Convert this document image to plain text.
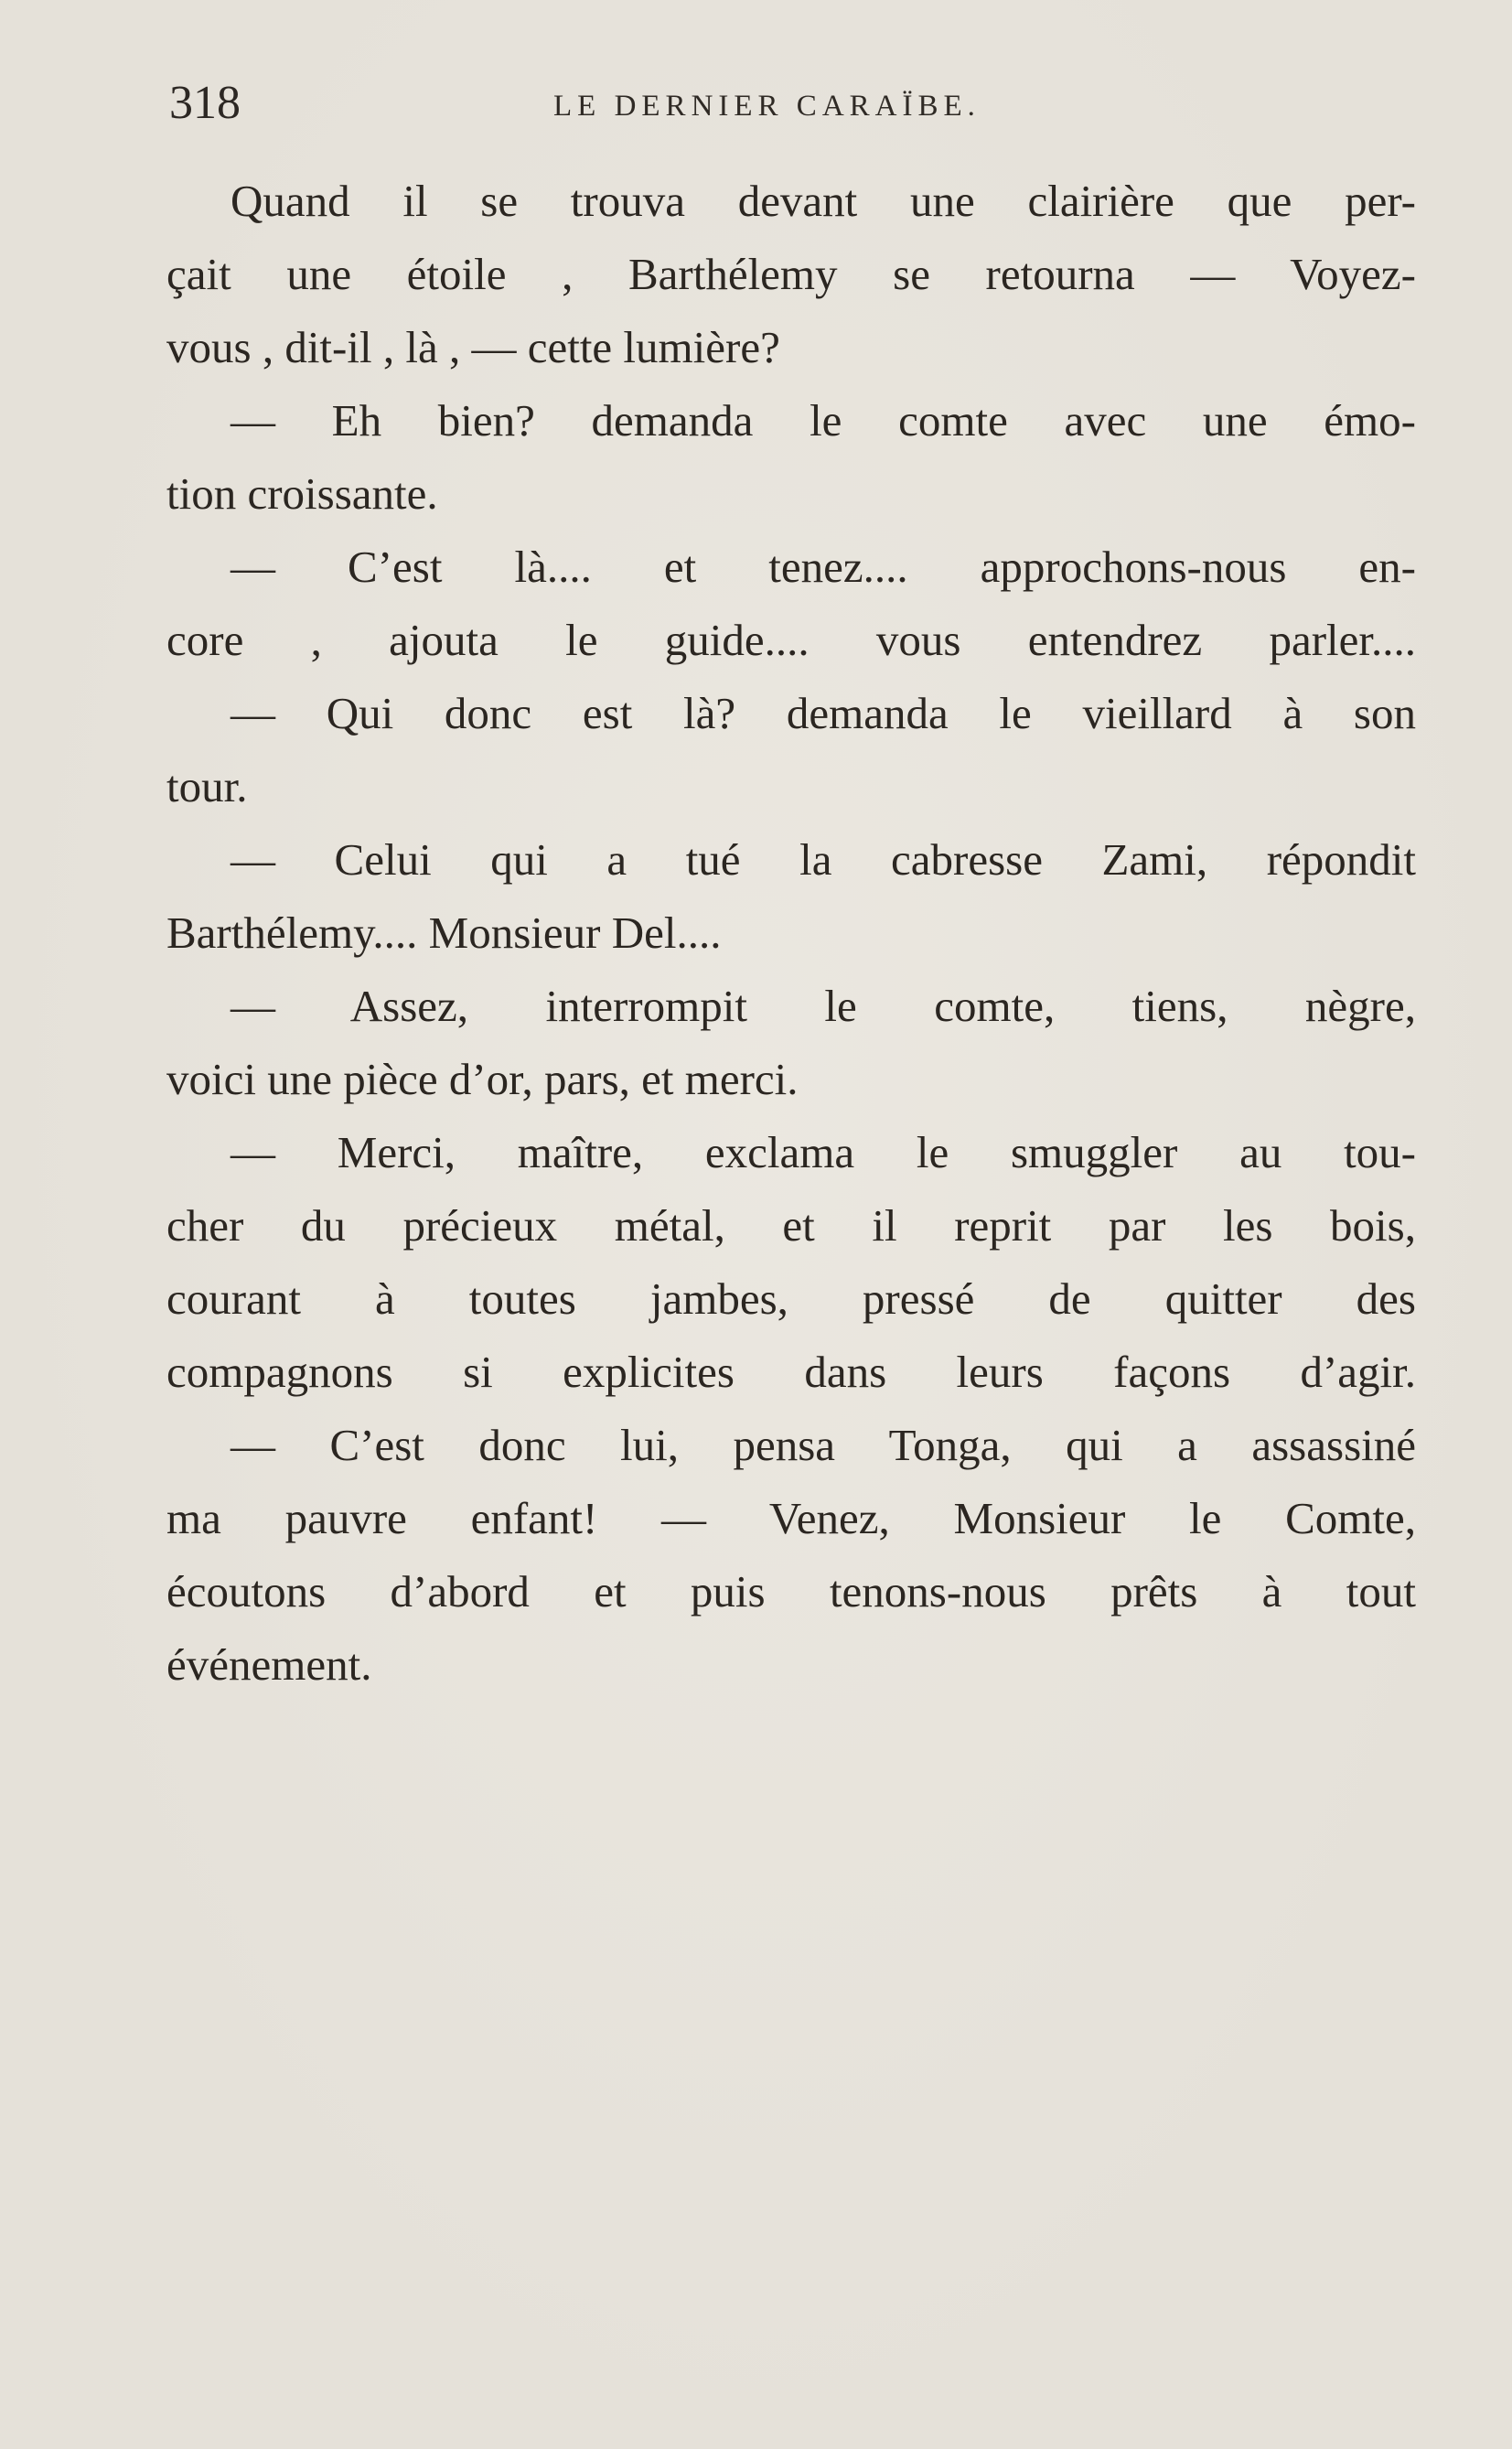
318	LE DERNIER CARAÏBE.
Quand il se trouva devant une clairière que per-
çait une étoile , Barthélemy se retourna — Voyez-
vous , dit-il , là , — cette lumière?
— Eh bien? demanda le comte avec une émo-
tion croissante.
— C’est là.... et tenez.... approchons-nous en-
core , ajouta le guide.... vous entendrez parler....
— Qui donc est là? demanda le vieillard à son
tour.
— Celui qui a tué la cabresse Zami, répondit
Barthélemy.... Monsieur Del....
— Assez, interrompit le comte, tiens, nègre,
voici une pièce d’or, pars, et merci.
— Merci, maître, exclama le smuggler au tou-
cher du précieux métal, et il reprit par les bois,
courant à toutes jambes, pressé de quitter des
compagnons si explicites dans leurs façons d’agir.
— C’est donc lui, pensa Tonga, qui a assassiné
ma pauvre enfant! — Venez, Monsieur le Comte,
écoutons d’abord et puis tenons-nous prêts à tout
événement.
